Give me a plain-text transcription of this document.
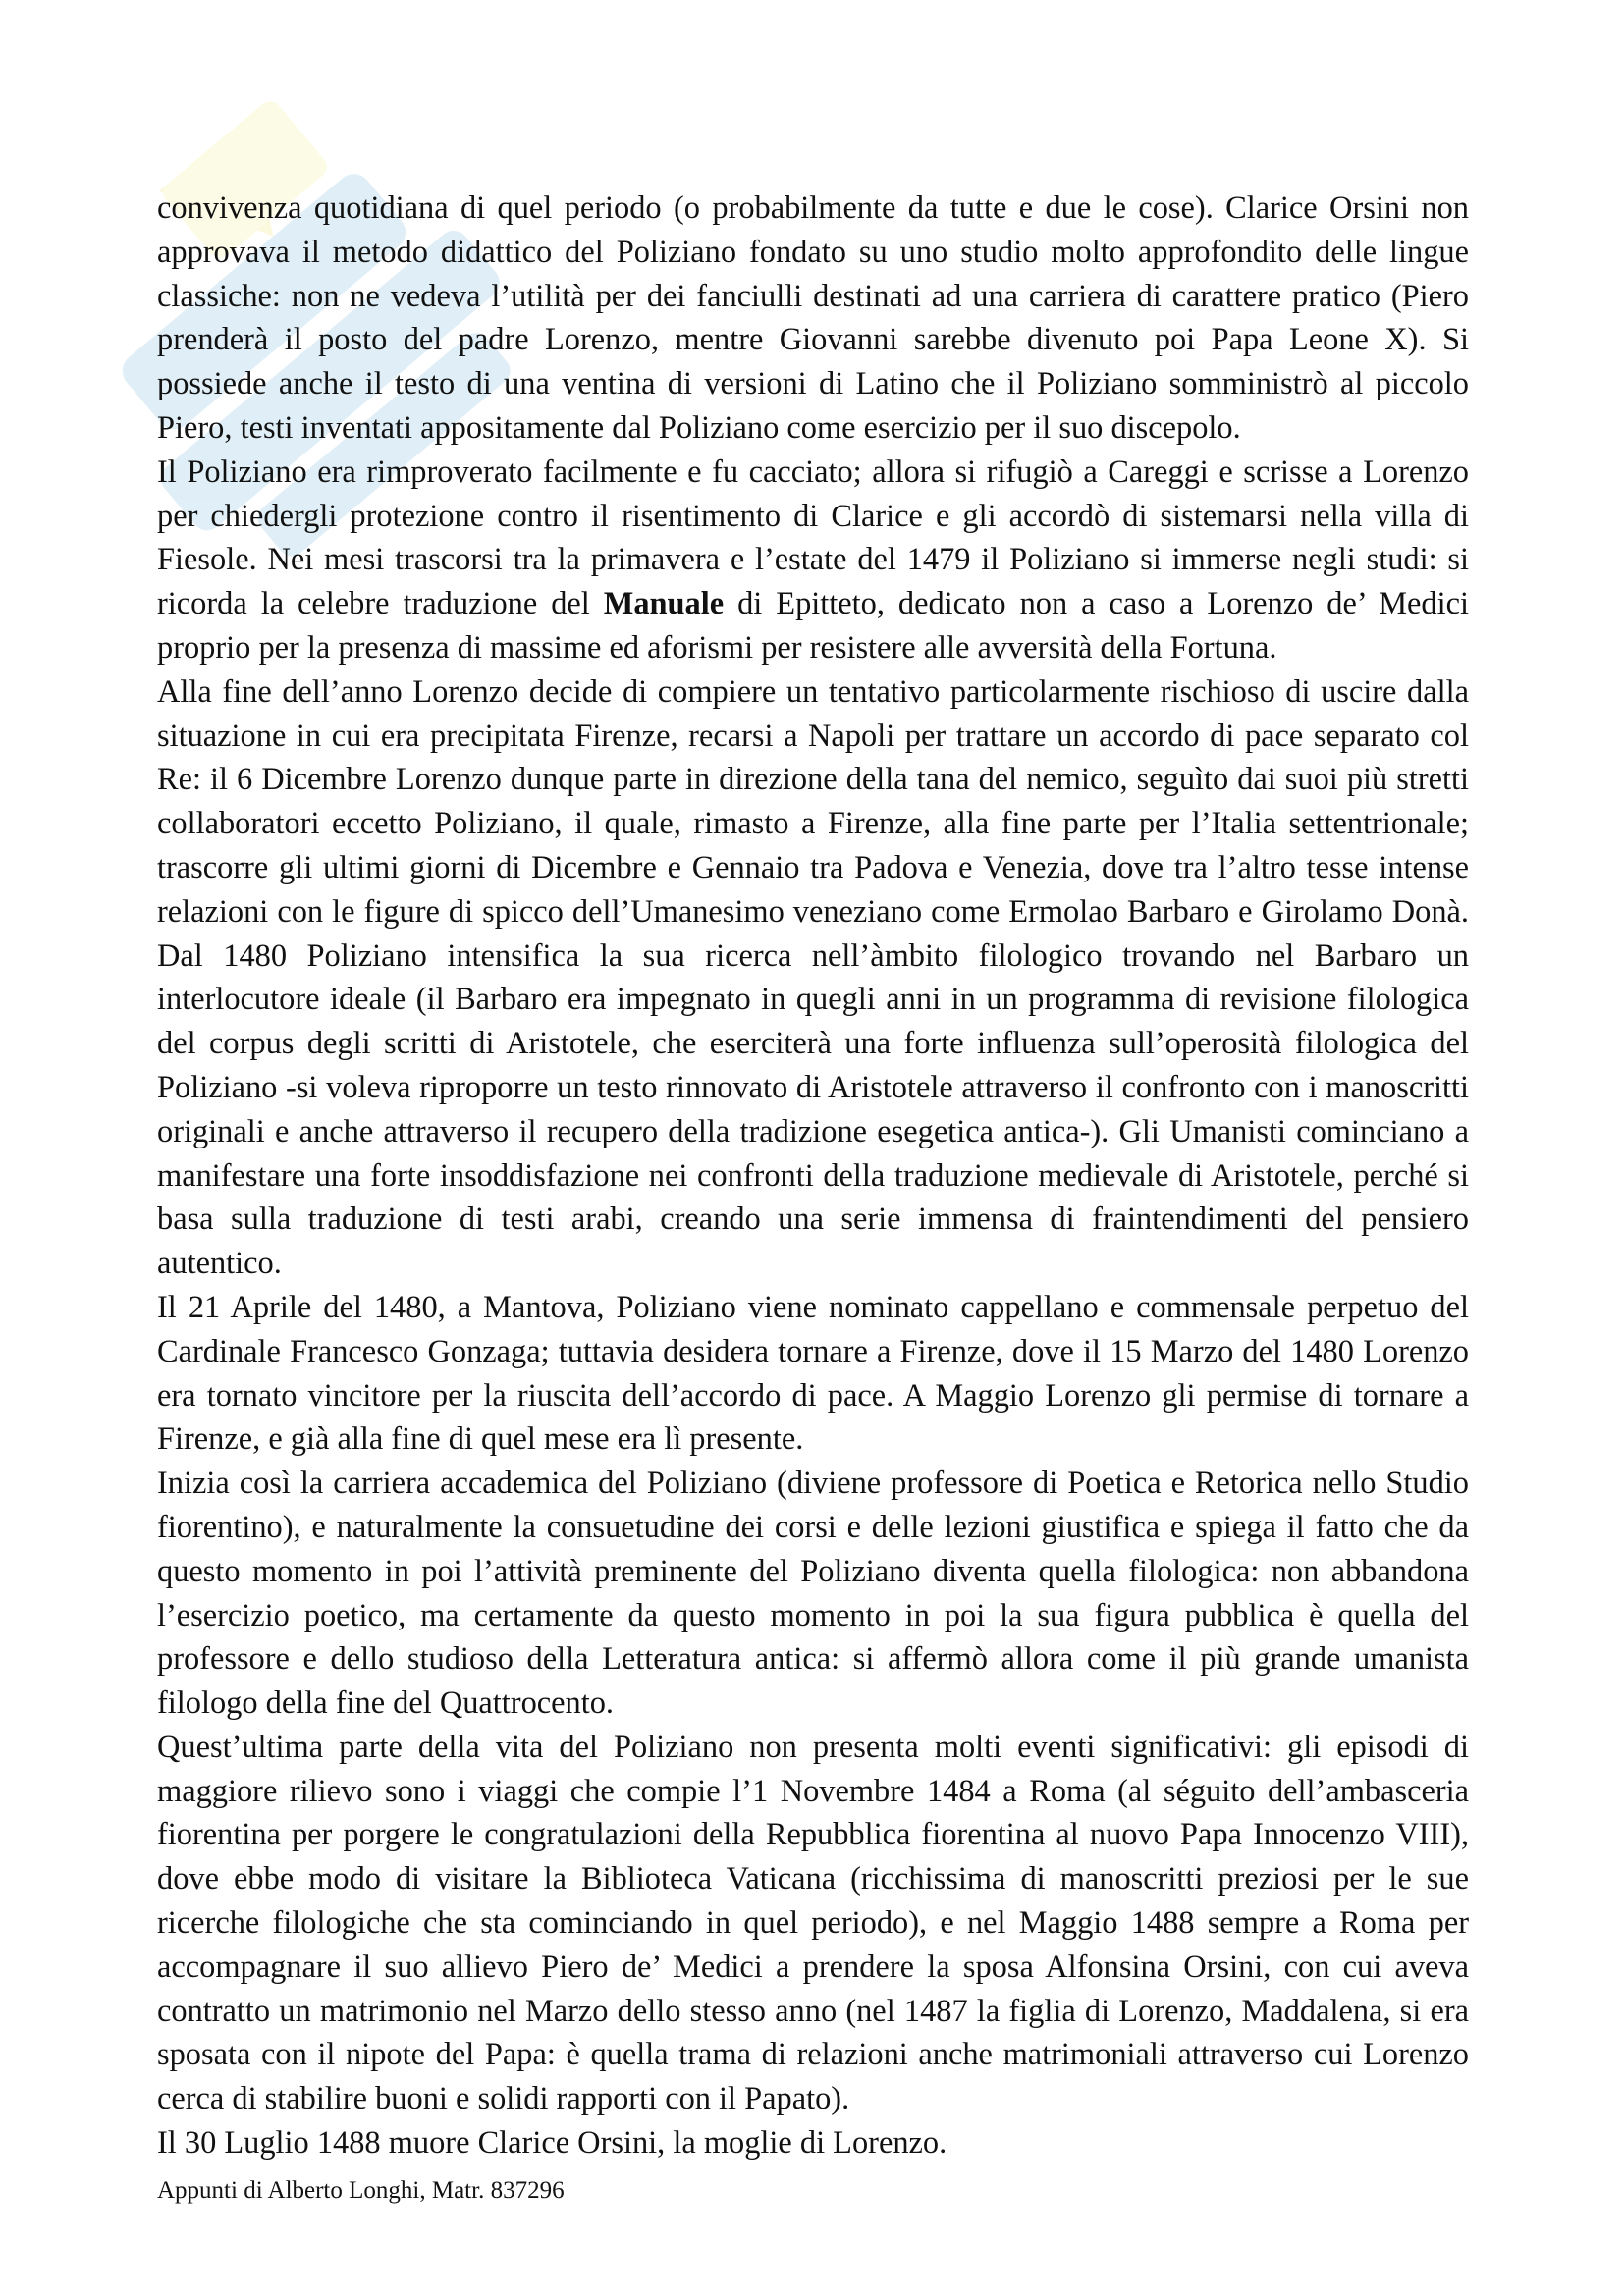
convivenza quotidiana di quel periodo (o probabilmente da tutte e due le cose). Clarice Orsini non approvava il metodo didattico del Poliziano fondato su uno studio molto approfondito delle lingue classiche: non ne vedeva l’utilità per dei fanciulli destinati ad una carriera di carattere pratico (Piero prenderà il posto del padre Lorenzo, mentre Giovanni sarebbe divenuto poi Papa Leone X). Si possiede anche il testo di una ventina di versioni di Latino che il Poliziano somministrò al piccolo Piero, testi inventati appositamente dal Poliziano come esercizio per il suo discepolo.

Il Poliziano era rimproverato facilmente e fu cacciato; allora si rifugiò a Careggi e scrisse a Lorenzo per chiedergli protezione contro il risentimento di Clarice e gli accordò di sistemarsi nella villa di Fiesole. Nei mesi trascorsi tra la primavera e l’estate del 1479 il Poliziano si immerse negli studi: si ricorda la celebre traduzione del Manuale di Epitteto, dedicato non a caso a Lorenzo de’ Medici proprio per la presenza di massime ed aforismi per resistere alle avversità della Fortuna.

Alla fine dell’anno Lorenzo decide di compiere un tentativo particolarmente rischioso di uscire dalla situazione in cui era precipitata Firenze, recarsi a Napoli per trattare un accordo di pace separato col Re: il 6 Dicembre Lorenzo dunque parte in direzione della tana del nemico, seguìto dai suoi più stretti collaboratori eccetto Poliziano, il quale, rimasto a Firenze, alla fine parte per l’Italia settentrionale; trascorre gli ultimi giorni di Dicembre e Gennaio tra Padova e Venezia, dove tra l’altro tesse intense relazioni con le figure di spicco dell’Umanesimo veneziano come Ermolao Barbaro e Girolamo Donà. Dal 1480 Poliziano intensifica la sua ricerca nell’àmbito filologico trovando nel Barbaro un interlocutore ideale (il Barbaro era impegnato in quegli anni in un programma di revisione filologica del corpus degli scritti di Aristotele, che eserciterà una forte influenza sull’operosità filologica del Poliziano -si voleva riproporre un testo rinnovato di Aristotele attraverso il confronto con i manoscritti originali e anche attraverso il recupero della tradizione esegetica antica-). Gli Umanisti cominciano a manifestare una forte insoddisfazione nei confronti della traduzione medievale di Aristotele, perché si basa sulla traduzione di testi arabi, creando una serie immensa di fraintendimenti del pensiero autentico.

Il 21 Aprile del 1480, a Mantova, Poliziano viene nominato cappellano e commensale perpetuo del Cardinale Francesco Gonzaga; tuttavia desidera tornare a Firenze, dove il 15 Marzo del 1480 Lorenzo era tornato vincitore per la riuscita dell’accordo di pace. A Maggio Lorenzo gli permise di tornare a Firenze, e già alla fine di quel mese era lì presente.

Inizia così la carriera accademica del Poliziano (diviene professore di Poetica e Retorica nello Studio fiorentino), e naturalmente la consuetudine dei corsi e delle lezioni giustifica e spiega il fatto che da questo momento in poi l’attività preminente del Poliziano diventa quella filologica: non abbandona l’esercizio poetico, ma certamente da questo momento in poi la sua figura pubblica è quella del professore e dello studioso della Letteratura antica: si affermò allora come il più grande umanista filologo della fine del Quattrocento.

Quest’ultima parte della vita del Poliziano non presenta molti eventi significativi: gli episodi di maggiore rilievo sono i viaggi che compie l’1 Novembre 1484 a Roma (al séguito dell’ambasceria fiorentina per porgere le congratulazioni della Repubblica fiorentina al nuovo Papa Innocenzo VIII), dove ebbe modo di visitare la Biblioteca Vaticana (ricchissima di manoscritti preziosi per le sue ricerche filologiche che sta cominciando in quel periodo), e nel Maggio 1488 sempre a Roma per accompagnare il suo allievo Piero de’ Medici a prendere la sposa Alfonsina Orsini, con cui aveva contratto un matrimonio nel Marzo dello stesso anno (nel 1487 la figlia di Lorenzo, Maddalena, si era sposata con il nipote del Papa: è quella trama di relazioni anche matrimoniali attraverso cui Lorenzo cerca di stabilire buoni e solidi rapporti con il Papato).

Il 30 Luglio 1488 muore Clarice Orsini, la moglie di Lorenzo.

Appunti di Alberto Longhi, Matr. 837296
